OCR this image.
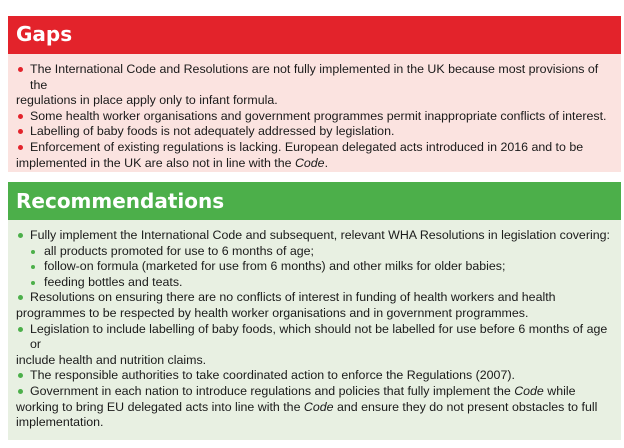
Gaps
The International Code and Resolutions are not fully implemented in the UK because most provisions of the
regulations in place apply only to infant formula.
Some health worker organisations and government programmes permit inappropriate conflicts of interest.
Labelling of baby foods is not adequately addressed by legislation.
Enforcement of existing regulations is lacking. European delegated acts introduced in 2016 and to be
implemented in the UK are also not in line with the Code.
Recommendations
Fully implement the International Code and subsequent, relevant WHA Resolutions in legislation covering:
all products promoted for use to 6 months of age;
follow-on formula (marketed for use from 6 months) and other milks for older babies;
feeding bottles and teats.
Resolutions on ensuring there are no conflicts of interest in funding of health workers and health
programmes to be respected by health worker organisations and in government programmes.
Legislation to include labelling of baby foods, which should not be labelled for use before 6 months of age or
include health and nutrition claims.
The responsible authorities to take coordinated action to enforce the Regulations (2007).
Government in each nation to introduce regulations and policies that fully implement the Code while
working to bring EU delegated acts into line with the Code and ensure they do not present obstacles to full
implementation.
